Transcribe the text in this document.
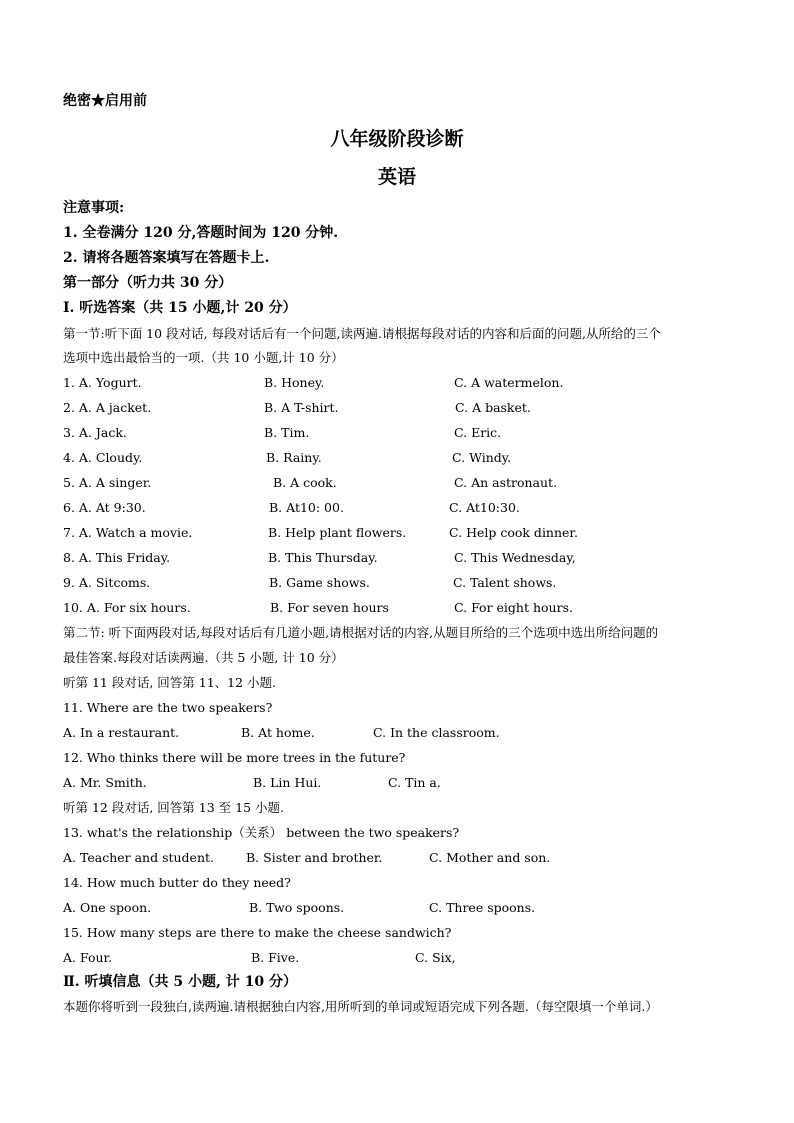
绝密★启用前
八年级阶段诊断
英语
注意事项:
1. 全卷满分 120 分,答题时间为 120 分钟.
2. 请将各题答案填写在答题卡上.
第一部分（听力共 30 分）
I. 听选答案（共 15 小题,计 20 分）
第一节:听下面 10 段对话, 每段对话后有一个问题,读两遍.请根据每段对话的内容和后面的问题,从所给的三个
选项中选出最恰当的一项.（共 10 小题,计 10 分）
1. A. Yogurt.	B. Honey.	C. A watermelon.
2. A. A jacket.	B. A T-shirt.	C. A basket.
3. A. Jack.	B. Tim.	C. Eric.
4. A. Cloudy.	B. Rainy.	C. Windy.
5. A. A singer.	B. A cook.	C. An astronaut.
6. A. At 9:30.	B. At10: 00.	C. At10:30.
7. A. Watch a movie.	B. Help plant flowers.	C. Help cook dinner.
8. A. This Friday.	B. This Thursday.	C. This Wednesday,
9. A. Sitcoms.	B. Game shows.	C. Talent shows.
10. A. For six hours.	B. For seven hours	C. For eight hours.
第二节: 听下面两段对话,每段对话后有几道小题,请根据对话的内容,从题目所给的三个选项中选出所给问题的
最佳答案.每段对话读两遍.（共 5 小题, 计 10 分）
听第 11 段对话, 回答第 11、12 小题.
11. Where are the two speakers?
A. In a restaurant.	B. At home.	C. In the classroom.
12. Who thinks there will be more trees in the future?
A. Mr. Smith.	B. Lin Hui.	C. Tin a.
听第 12 段对话, 回答第 13 至 15 小题.
13. what's the relationship（关系） between the two speakers?
A. Teacher and student.	B. Sister and brother.	C. Mother and son.
14. How much butter do they need?
A. One spoon.	B. Two spoons.	C. Three spoons.
15. How many steps are there to make the cheese sandwich?
A. Four.	B. Five.	C. Six,
Ⅱ. 听填信息（共 5 小题, 计 10 分）
本题你将听到一段独白,读两遍.请根据独白内容,用所听到的单词或短语完成下列各题.（每空限填一个单词.）
